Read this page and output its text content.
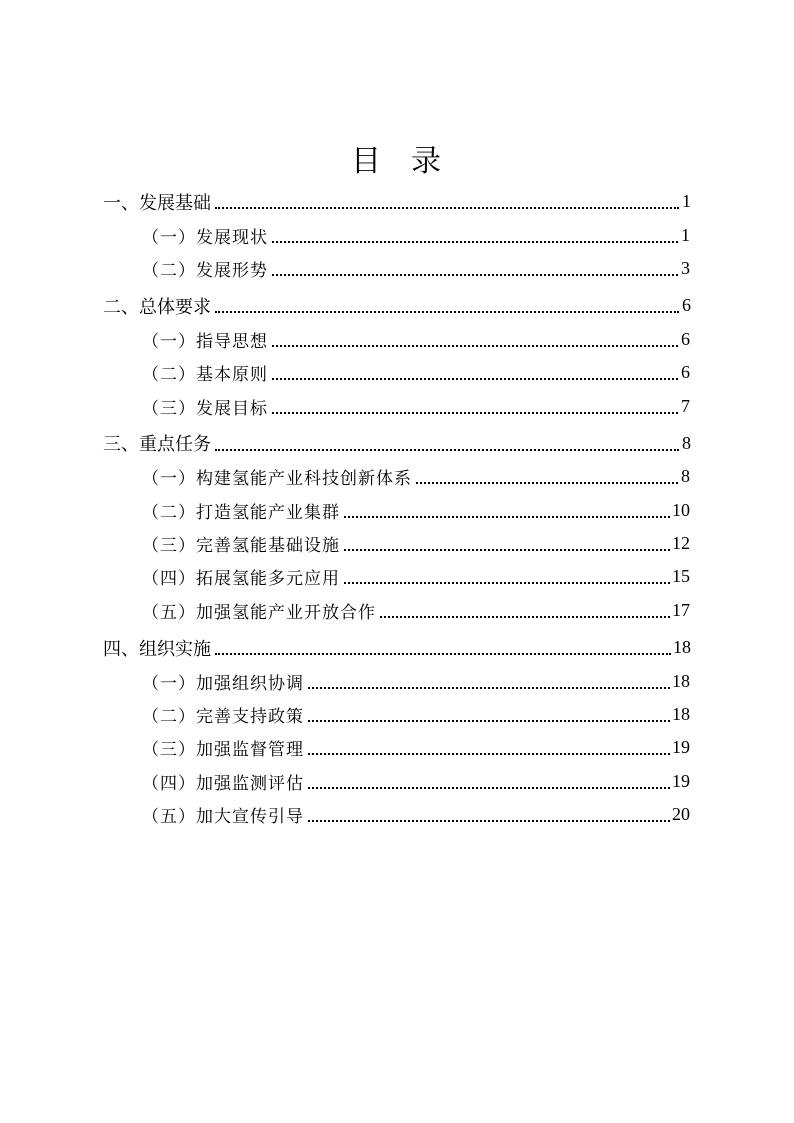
目 录
一、发展基础	1
（一）发展现状	1
（二）发展形势	3
二、总体要求	6
（一）指导思想	6
（二）基本原则	6
（三）发展目标	7
三、重点任务	8
（一）构建氢能产业科技创新体系	8
（二）打造氢能产业集群	10
（三）完善氢能基础设施	12
（四）拓展氢能多元应用	15
（五）加强氢能产业开放合作	17
四、组织实施	18
（一）加强组织协调	18
（二）完善支持政策	18
（三）加强监督管理	19
（四）加强监测评估	19
（五）加大宣传引导	20
